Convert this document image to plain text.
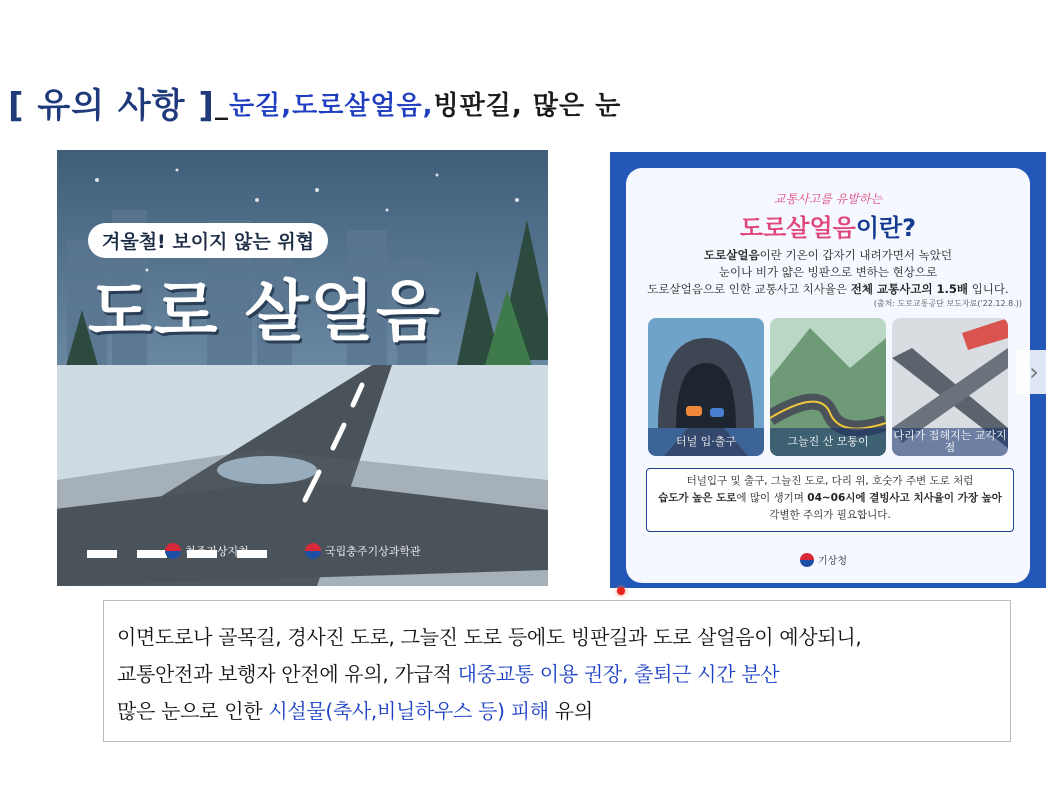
[ 유의 사항 ]_눈길,도로살얼음,빙판길, 많은 눈
겨울철! 보이지 않는 위협
도로 살얼음
청주기상지청	국립충주기상과학관
교통사고를 유발하는
도로살얼음이란?
도로살얼음이란 기온이 갑자기 내려가면서 녹았던
눈이나 비가 얇은 빙판으로 변하는 현상으로
도로살얼음으로 인한 교통사고 치사율은 전체 교통사고의 1.5배 입니다.
(출처: 도로교통공단 보도자료('22.12.8.))
터널 입·출구	그늘진 산 모퉁이	다리가 접해지는 교각지점
터널입구 및 출구, 그늘진 도로, 다리 위, 호숫가 주변 도로 처럼
습도가 높은 도로에 많이 생기며 04~06시에 결빙사고 치사율이 가장 높아
각별한 주의가 필요합니다.
기상청
›
이면도로나 골목길, 경사진 도로, 그늘진 도로 등에도 빙판길과 도로 살얼음이 예상되니,
교통안전과 보행자 안전에 유의, 가급적 대중교통 이용 권장, 출퇴근 시간 분산
많은 눈으로 인한 시설물(축사,비닐하우스 등) 피해 유의
